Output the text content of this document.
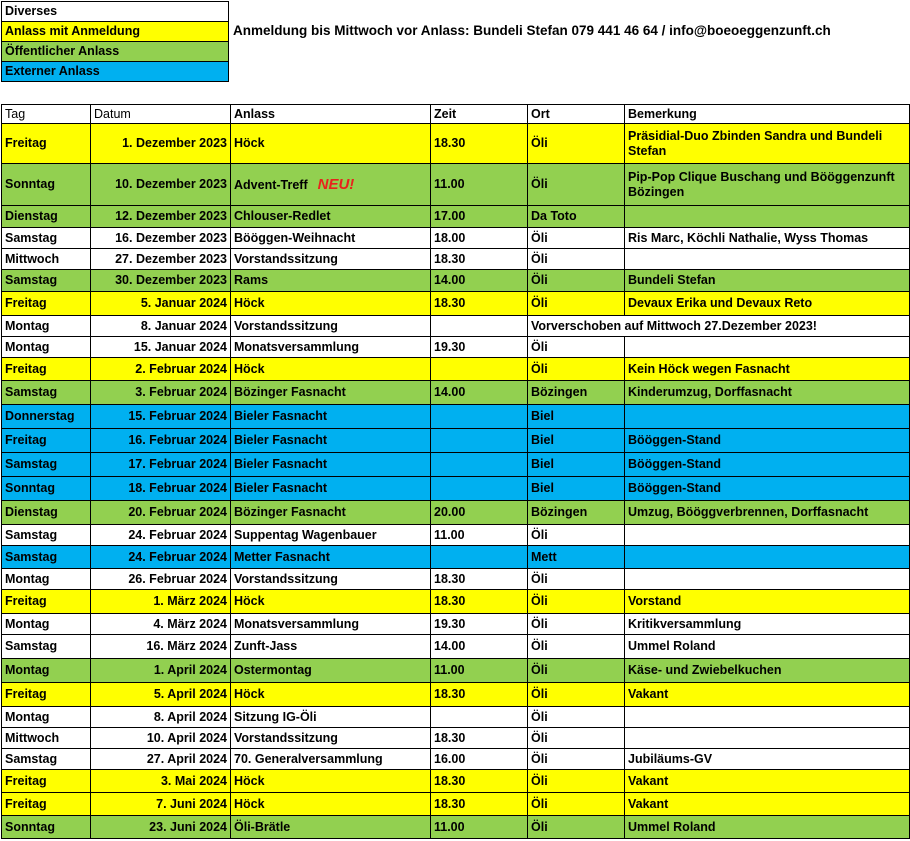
Diverses
Anlass mit Anmeldung
Öffentlicher Anlass
Externer Anlass
Anmeldung bis Mittwoch vor Anlass: Bundeli Stefan 079 441 46 64 / info@boeoeggenzunft.ch
Tag	Datum	Anlass	Zeit	Ort	Bemerkung
Freitag	1. Dezember 2023	Höck	18.30	Öli	Präsidial-Duo Zbinden Sandra und Bundeli Stefan
Sonntag	10. Dezember 2023	Advent-Treff NEU!	11.00	Öli	Pip-Pop Clique Buschang und Bööggenzunft Bözingen
Dienstag	12. Dezember 2023	Chlouser-Redlet	17.00	Da Toto	
Samstag	16. Dezember 2023	Bööggen-Weihnacht	18.00	Öli	Ris Marc, Köchli Nathalie, Wyss Thomas
Mittwoch	27. Dezember 2023	Vorstandssitzung	18.30	Öli	
Samstag	30. Dezember 2023	Rams	14.00	Öli	Bundeli Stefan
Freitag	5. Januar 2024	Höck	18.30	Öli	Devaux Erika und Devaux Reto
Montag	8. Januar 2024	Vorstandssitzung		Vorverschoben auf Mittwoch 27.Dezember 2023!	
Montag	15. Januar 2024	Monatsversammlung	19.30	Öli	
Freitag	2. Februar 2024	Höck		Öli	Kein Höck wegen Fasnacht
Samstag	3. Februar 2024	Bözinger Fasnacht	14.00	Bözingen	Kinderumzug, Dorffasnacht
Donnerstag	15. Februar 2024	Bieler Fasnacht		Biel	
Freitag	16. Februar 2024	Bieler Fasnacht		Biel	Bööggen-Stand
Samstag	17. Februar 2024	Bieler Fasnacht		Biel	Bööggen-Stand
Sonntag	18. Februar 2024	Bieler Fasnacht		Biel	Bööggen-Stand
Dienstag	20. Februar 2024	Bözinger Fasnacht	20.00	Bözingen	Umzug, Bööggverbrennen, Dorffasnacht
Samstag	24. Februar 2024	Suppentag Wagenbauer	11.00	Öli	
Samstag	24. Februar 2024	Metter Fasnacht		Mett	
Montag	26. Februar 2024	Vorstandssitzung	18.30	Öli	
Freitag	1. März 2024	Höck	18.30	Öli	Vorstand
Montag	4. März 2024	Monatsversammlung	19.30	Öli	Kritikversammlung
Samstag	16. März 2024	Zunft-Jass	14.00	Öli	Ummel Roland
Montag	1. April 2024	Ostermontag	11.00	Öli	Käse- und Zwiebelkuchen
Freitag	5. April 2024	Höck	18.30	Öli	Vakant
Montag	8. April 2024	Sitzung IG-Öli		Öli	
Mittwoch	10. April 2024	Vorstandssitzung	18.30	Öli	
Samstag	27. April 2024	70. Generalversammlung	16.00	Öli	Jubiläums-GV
Freitag	3. Mai 2024	Höck	18.30	Öli	Vakant
Freitag	7. Juni 2024	Höck	18.30	Öli	Vakant
Sonntag	23. Juni 2024	Öli-Brätle	11.00	Öli	Ummel Roland
